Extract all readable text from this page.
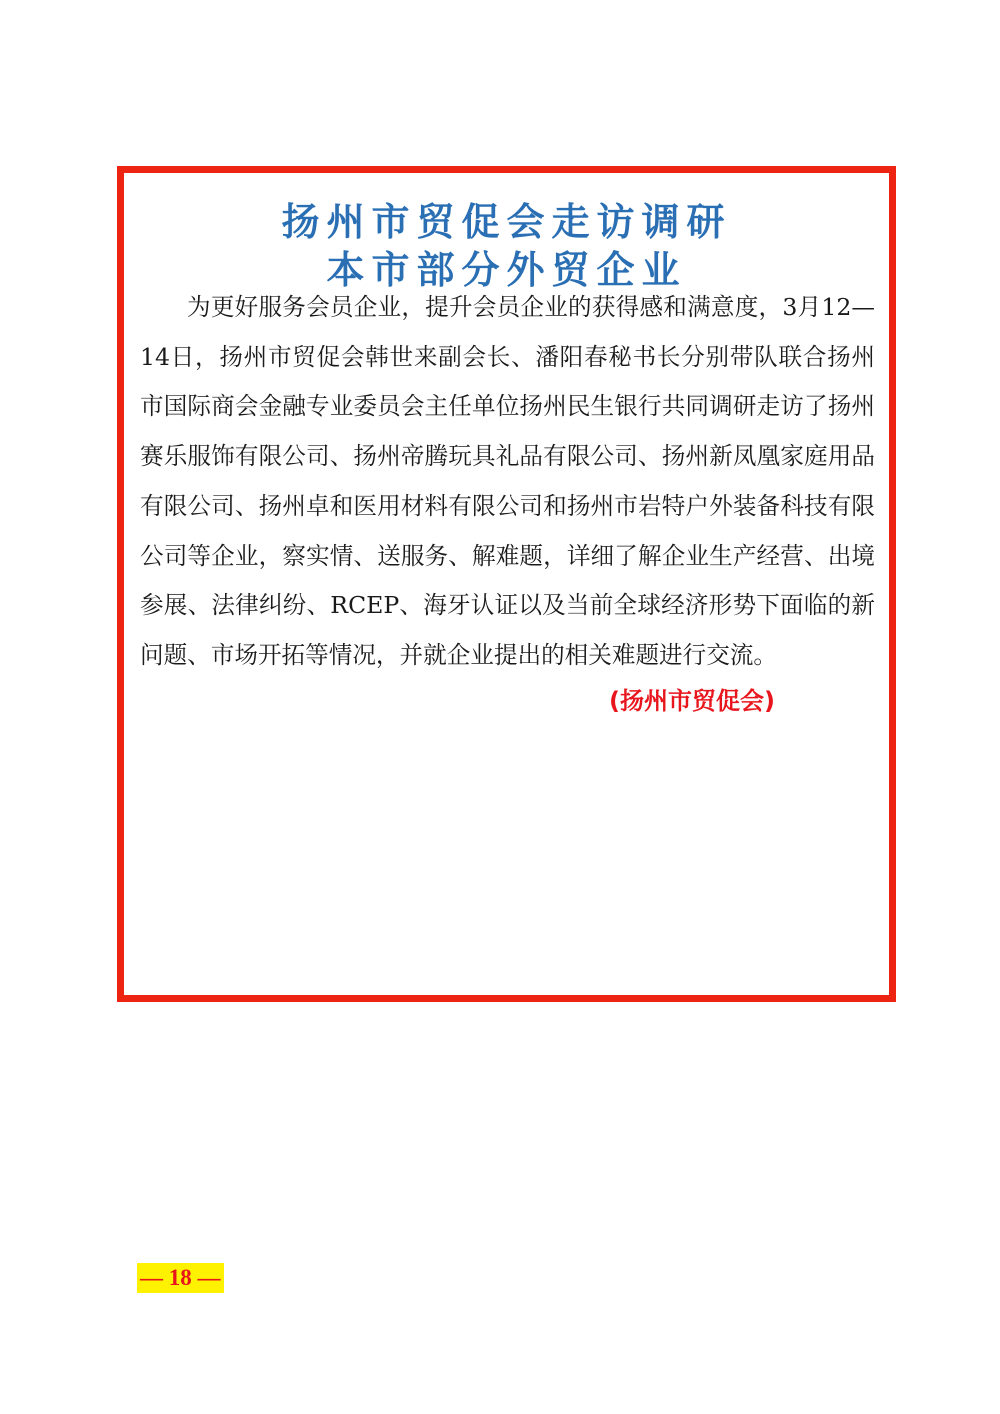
扬州市贸促会走访调研
本市部分外贸企业

为更好服务会员企业，提升会员企业的获得感和满意度，3月12—14日，扬州市贸促会韩世来副会长、潘阳春秘书长分别带队联合扬州市国际商会金融专业委员会主任单位扬州民生银行共同调研走访了扬州赛乐服饰有限公司、扬州帝腾玩具礼品有限公司、扬州新凤凰家庭用品有限公司、扬州卓和医用材料有限公司和扬州市岩特户外装备科技有限公司等企业，察实情、送服务、解难题，详细了解企业生产经营、出境参展、法律纠纷、RCEP、海牙认证以及当前全球经济形势下面临的新问题、市场开拓等情况，并就企业提出的相关难题进行交流。

(扬州市贸促会)
— 18 —
